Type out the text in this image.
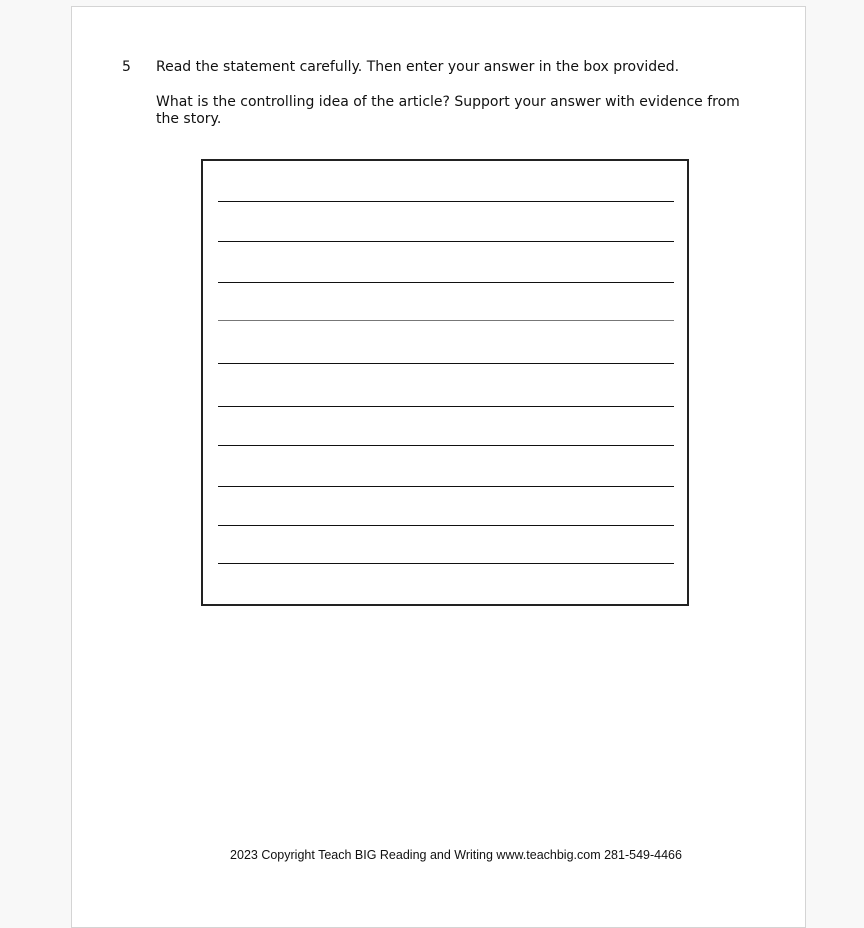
5 Read the statement carefully. Then enter your answer in the box provided.
What is the controlling idea of the article? Support your answer with evidence from the story.
2023 Copyright Teach BIG Reading and Writing www.teachbig.com 281-549-4466
